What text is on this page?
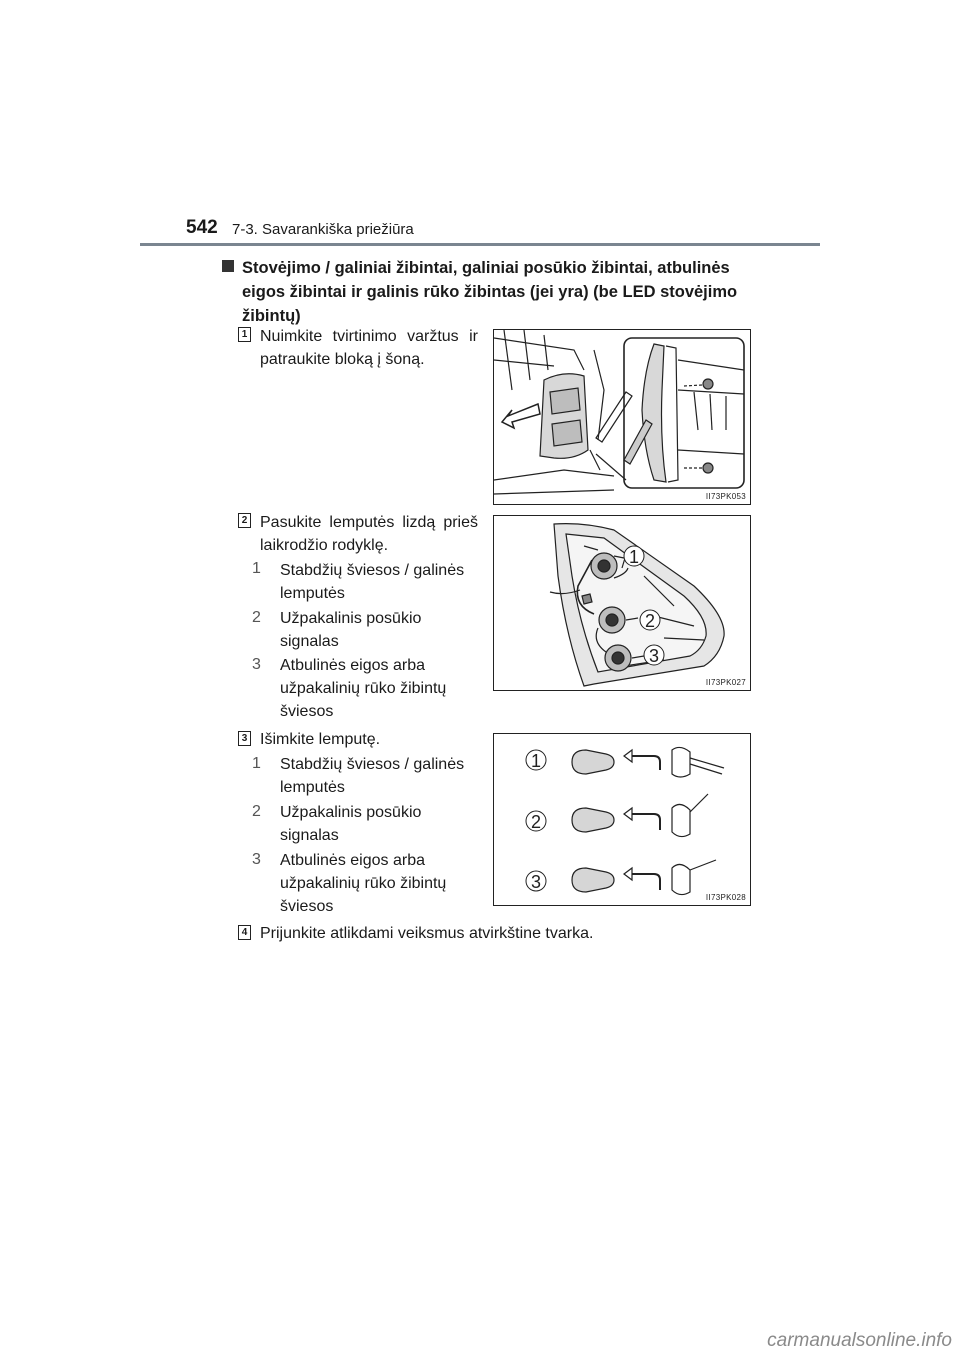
542 7-3. Savarankiška priežiūra
Stovėjimo / galiniai žibintai, galiniai posūkio žibintai, atbulinės
eigos žibintai ir galinis rūko žibintas (jei yra) (be LED stovėjimo
žibintų)
1 Nuimkite tvirtinimo varžtus ir
patraukite bloką į šoną.
II73PK053
2 Pasukite lemputės lizdą prieš
laikrodžio rodyklę.
1 Stabdžių šviesos / galinės
lemputės
2 Užpakalinis posūkio
signalas
3 Atbulinės eigos arba
užpakalinių rūko žibintų
šviesos
1
2
3
II73PK027
3 Išimkite lemputę.
1 Stabdžių šviesos / galinės
lemputės
2 Užpakalinis posūkio
signalas
3 Atbulinės eigos arba
užpakalinių rūko žibintų
šviesos
1
2
3
II73PK028
4 Prijunkite atlikdami veiksmus atvirkštine tvarka.
carmanualsonline.info
